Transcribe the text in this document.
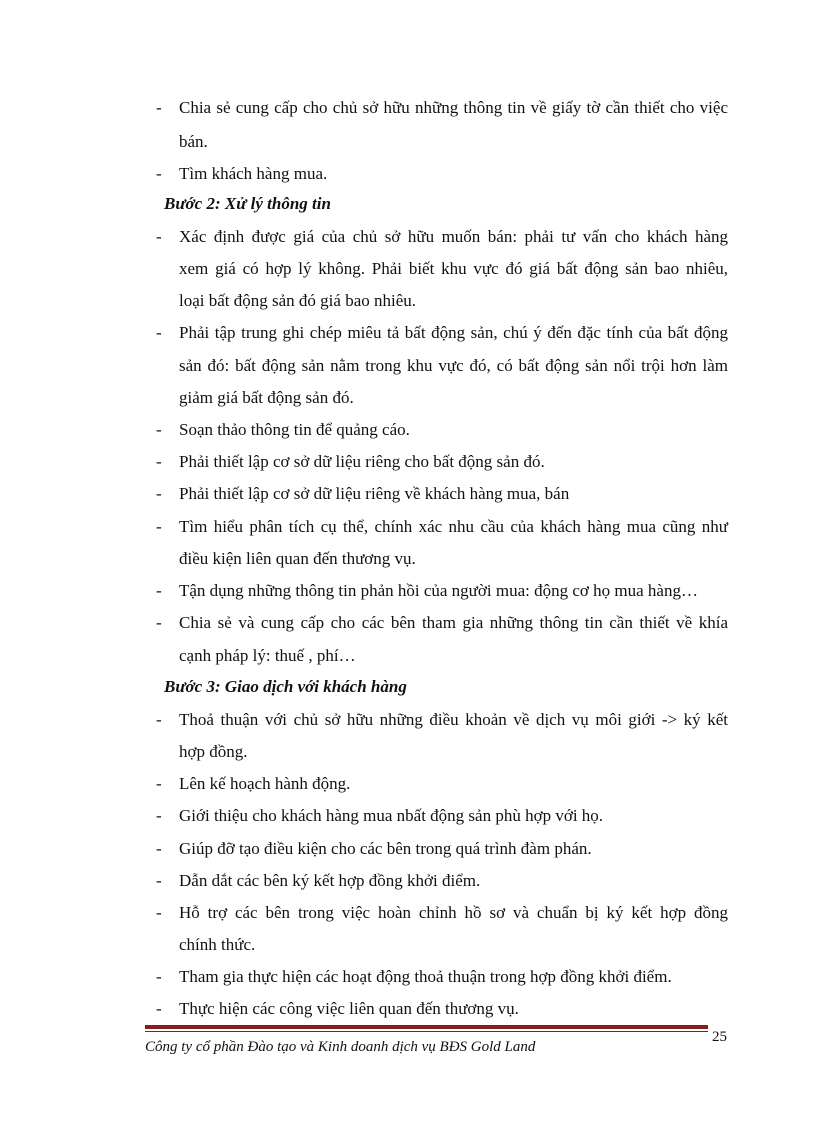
- Chia sẻ cung cấp cho chủ sở hữu những thông tin về giấy tờ cần thiết cho việc
bán.
- Tìm khách hàng mua.
Bước 2: Xử lý thông tin
- Xác định được giá của chủ sở hữu muốn bán: phải tư vấn cho khách hàng
xem giá có hợp lý không. Phải biết khu vực đó giá bất động sản bao nhiêu,
loại bất động sản đó giá bao nhiêu.
- Phải tập trung ghi chép miêu tả bất động sản, chú ý đến đặc tính của bất động
sản đó: bất động sản nằm trong khu vực đó, có bất động sản nổi trội hơn làm
giảm giá bất động sản đó.
- Soạn thảo thông tin để quảng cáo.
- Phải thiết lập cơ sở dữ liệu riêng cho bất động sản đó.
- Phải thiết lập cơ sở dữ liệu riêng về khách hàng mua, bán
- Tìm hiểu phân tích cụ thể, chính xác nhu cầu của khách hàng mua cũng như
điều kiện liên quan đến thương vụ.
- Tận dụng những thông tin phản hồi của người mua: động cơ họ mua hàng…
- Chia sẻ và cung cấp cho các bên tham gia những thông tin cần thiết về khía
cạnh pháp lý: thuế , phí…
Bước 3: Giao dịch với khách hàng
- Thoả thuận với chủ sở hữu những điều khoản về dịch vụ môi giới -> ký kết
hợp đồng.
- Lên kế hoạch hành động.
- Giới thiệu cho khách hàng mua nbất động sản phù hợp với họ.
- Giúp đỡ tạo điều kiện cho các bên trong quá trình đàm phán.
- Dẫn dắt các bên ký kết hợp đồng khởi điểm.
- Hỗ trợ các bên trong việc hoàn chỉnh hồ sơ và chuẩn bị ký kết hợp đồng
chính thức.
- Tham gia thực hiện các hoạt động thoả thuận trong hợp đồng khởi điểm.
- Thực hiện các công việc liên quan đến thương vụ.
Công ty cổ phần Đào tạo và Kinh doanh dịch vụ BĐS Gold Land
25
